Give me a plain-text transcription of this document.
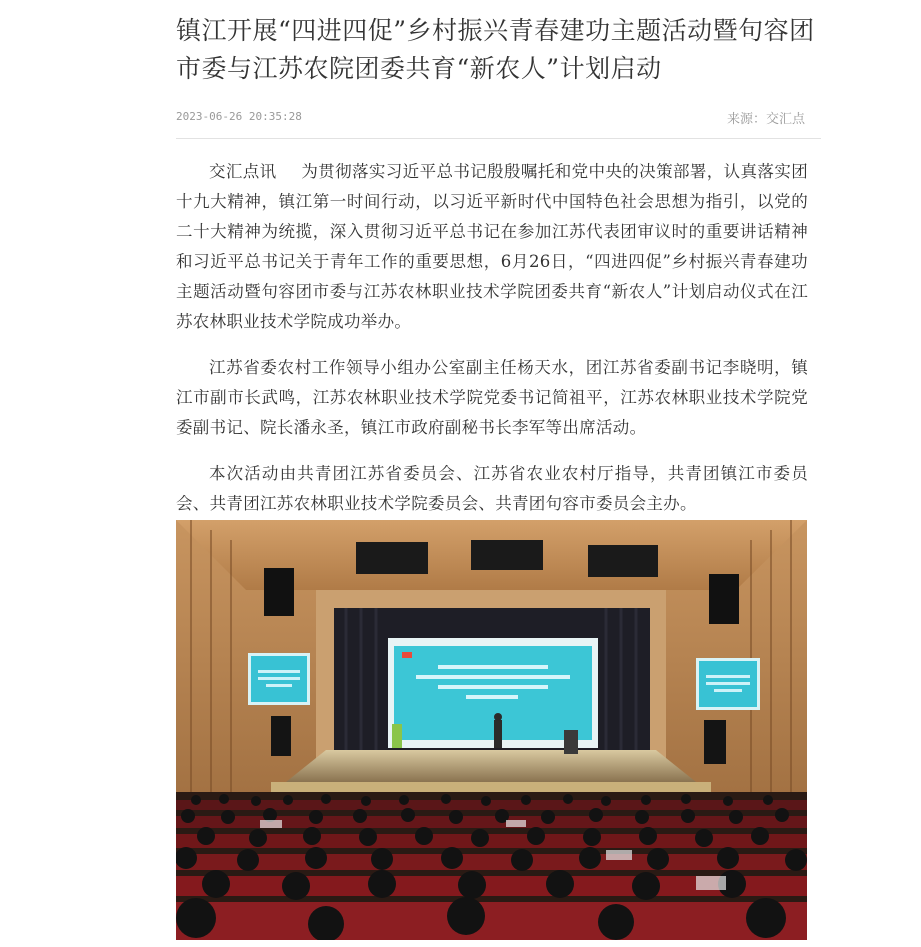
镇江开展“四进四促”乡村振兴青春建功主题活动暨句容团市委与江苏农院团委共育“新农人”计划启动
2023-06-26 20:35:28	来源：交汇点

交汇点讯 为贯彻落实习近平总书记殷殷嘱托和党中央的决策部署，认真落实团十九大精神，镇江第一时间行动，以习近平新时代中国特色社会思想为指引，以党的二十大精神为统揽，深入贯彻习近平总书记在参加江苏代表团审议时的重要讲话精神和习近平总书记关于青年工作的重要思想，6月26日，“四进四促”乡村振兴青春建功主题活动暨句容团市委与江苏农林职业技术学院团委共育“新农人”计划启动仪式在江苏农林职业技术学院成功举办。

江苏省委农村工作领导小组办公室副主任杨天水，团江苏省委副书记李晓明，镇江市副市长武鸣，江苏农林职业技术学院党委书记简祖平，江苏农林职业技术学院党委副书记、院长潘永圣，镇江市政府副秘书长李军等出席活动。

本次活动由共青团江苏省委员会、江苏省农业农村厅指导，共青团镇江市委员会、共青团江苏农林职业技术学院委员会、共青团句容市委员会主办。
